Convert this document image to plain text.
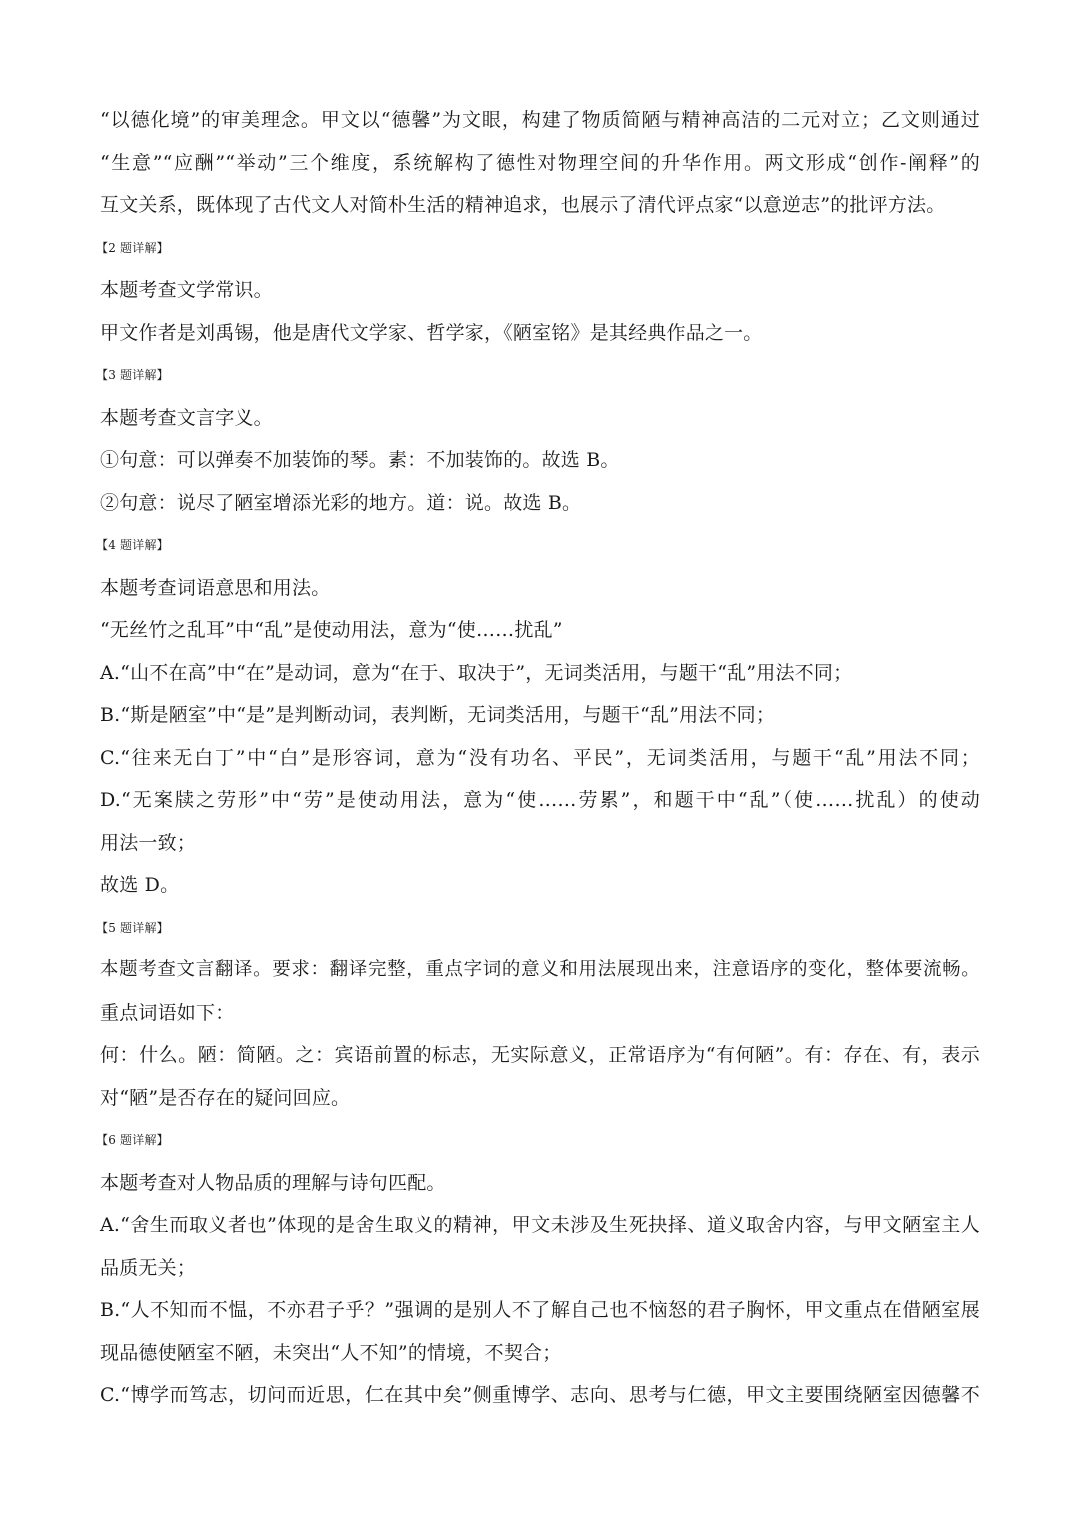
“以德化境”的审美理念。甲文以“德馨”为文眼，构建了物质简陋与精神高洁的二元对立；乙文则通过
“生意”“应酬”“举动”三个维度，系统解构了德性对物理空间的升华作用。两文形成“创作-阐释”的
互文关系，既体现了古代文人对简朴生活的精神追求，也展示了清代评点家“以意逆志”的批评方法。
【2 题详解】
本题考查文学常识。
甲文作者是刘禹锡，他是唐代文学家、哲学家，《陋室铭》是其经典作品之一。
【3 题详解】
本题考查文言字义。
①句意：可以弹奏不加装饰的琴。素：不加装饰的。故选 B。
②句意：说尽了陋室增添光彩的地方。道：说。故选 B。
【4 题详解】
本题考查词语意思和用法。
“无丝竹之乱耳”中“乱”是使动用法，意为“使……扰乱”
A.“山不在高”中“在”是动词，意为“在于、取决于”，无词类活用，与题干“乱”用法不同；
B.“斯是陋室”中“是”是判断动词，表判断，无词类活用，与题干“乱”用法不同；
C.“往来无白丁”中“白”是形容词，意为“没有功名、平民”，无词类活用，与题干“乱”用法不同；
D.“无案牍之劳形”中“劳”是使动用法，意为“使……劳累”，和题干中“乱”（使……扰乱）的使动
用法一致；
故选 D。
【5 题详解】
本题考查文言翻译。要求：翻译完整，重点字词的意义和用法展现出来，注意语序的变化，整体要流畅。
重点词语如下：
何：什么。陋：简陋。之：宾语前置的标志，无实际意义，正常语序为“有何陋”。有：存在、有，表示
对“陋”是否存在的疑问回应。
【6 题详解】
本题考查对人物品质的理解与诗句匹配。
A.“舍生而取义者也”体现的是舍生取义的精神，甲文未涉及生死抉择、道义取舍内容，与甲文陋室主人
品质无关；
B.“人不知而不愠，不亦君子乎？”强调的是别人不了解自己也不恼怒的君子胸怀，甲文重点在借陋室展
现品德使陋室不陋，未突出“人不知”的情境，不契合；
C.“博学而笃志，切问而近思，仁在其中矣”侧重博学、志向、思考与仁德，甲文主要围绕陋室因德馨不
